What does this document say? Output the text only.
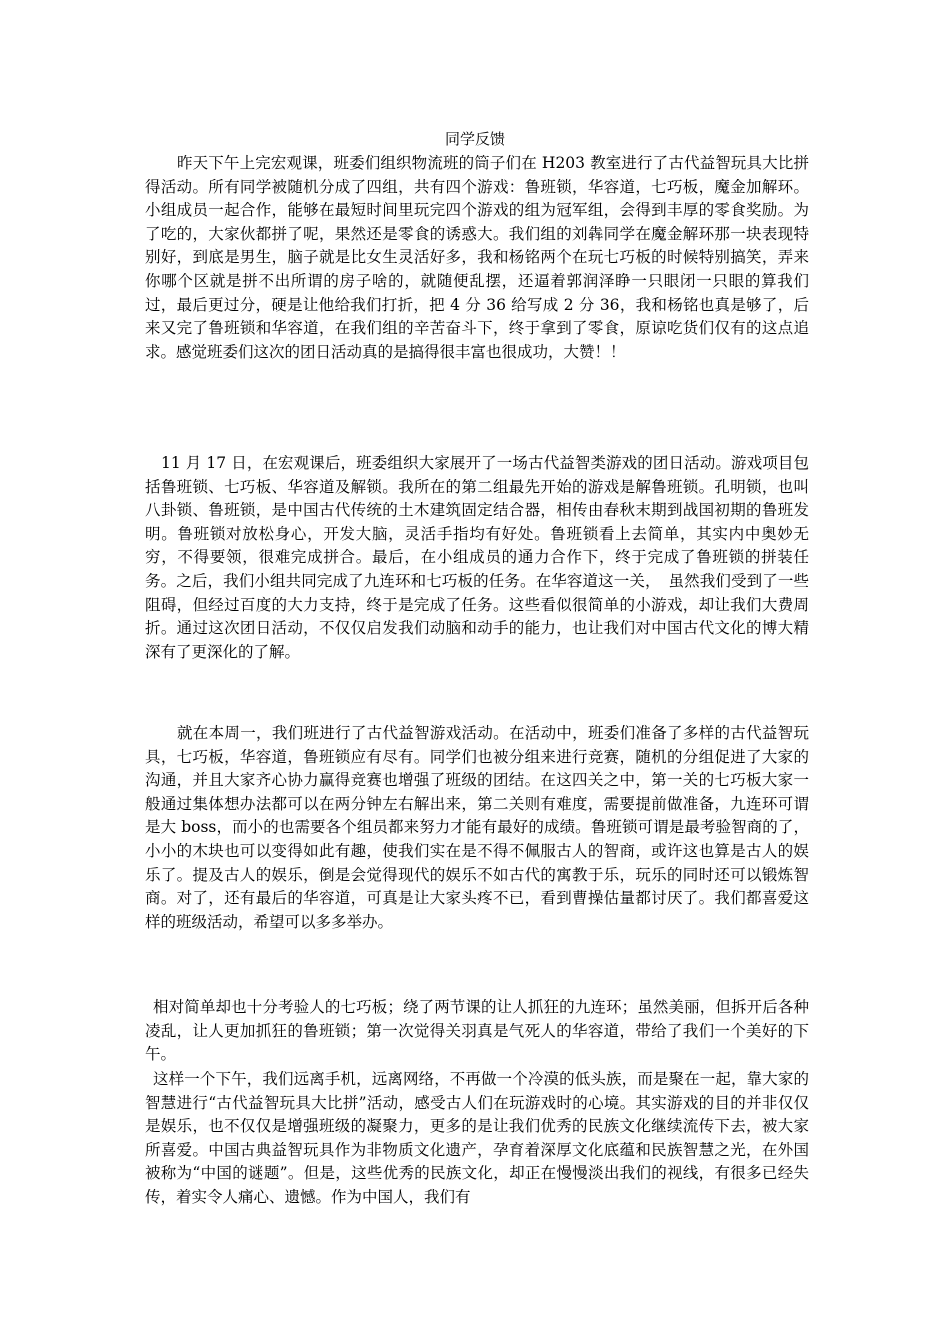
同学反馈

昨天下午上完宏观课，班委们组织物流班的筒子们在 H203 教室进行了古代益智玩具大比拼得活动。所有同学被随机分成了四组，共有四个游戏：鲁班锁，华容道，七巧板，魔金加解环。小组成员一起合作，能够在最短时间里玩完四个游戏的组为冠军组，会得到丰厚的零食奖励。为了吃的，大家伙都拼了呢，果然还是零食的诱惑大。我们组的刘犇同学在魔金解环那一块表现特别好，到底是男生，脑子就是比女生灵活好多，我和杨铭两个在玩七巧板的时候特别搞笑，弄来你哪个区就是拼不出所谓的房子啥的，就随便乱摆，还逼着郭润泽睁一只眼闭一只眼的算我们过，最后更过分，硬是让他给我们打折，把 4 分 36 给写成 2 分 36，我和杨铭也真是够了，后来又完了鲁班锁和华容道，在我们组的辛苦奋斗下，终于拿到了零食，原谅吃货们仅有的这点追求。感觉班委们这次的团日活动真的是搞得很丰富也很成功，大赞！！

11 月 17 日，在宏观课后，班委组织大家展开了一场古代益智类游戏的团日活动。游戏项目包括鲁班锁、七巧板、华容道及解锁。我所在的第二组最先开始的游戏是解鲁班锁。孔明锁，也叫八卦锁、鲁班锁，是中国古代传统的土木建筑固定结合器，相传由春秋末期到战国初期的鲁班发明。鲁班锁对放松身心，开发大脑，灵活手指均有好处。鲁班锁看上去简单，其实内中奥妙无穷，不得要领，很难完成拼合。最后，在小组成员的通力合作下，终于完成了鲁班锁的拼装任务。之后，我们小组共同完成了九连环和七巧板的任务。在华容道这一关，　虽然我们受到了一些阻碍，但经过百度的大力支持，终于是完成了任务。这些看似很简单的小游戏，却让我们大费周折。通过这次团日活动，不仅仅启发我们动脑和动手的能力，也让我们对中国古代文化的博大精深有了更深化的了解。

就在本周一，我们班进行了古代益智游戏活动。在活动中，班委们准备了多样的古代益智玩具，七巧板，华容道，鲁班锁应有尽有。同学们也被分组来进行竞赛，随机的分组促进了大家的沟通，并且大家齐心协力赢得竞赛也增强了班级的团结。在这四关之中，第一关的七巧板大家一般通过集体想办法都可以在两分钟左右解出来，第二关则有难度，需要提前做准备，九连环可谓是大 boss，而小的也需要各个组员都来努力才能有最好的成绩。鲁班锁可谓是最考验智商的了，小小的木块也可以变得如此有趣，使我们实在是不得不佩服古人的智商，或许这也算是古人的娱乐了。提及古人的娱乐，倒是会觉得现代的娱乐不如古代的寓教于乐，玩乐的同时还可以锻炼智商。对了，还有最后的华容道，可真是让大家头疼不已，看到曹操估量都讨厌了。我们都喜爱这样的班级活动，希望可以多多举办。

相对简单却也十分考验人的七巧板；绕了两节课的让人抓狂的九连环；虽然美丽，但拆开后各种凌乱，让人更加抓狂的鲁班锁；第一次觉得关羽真是气死人的华容道，带给了我们一个美好的下午。

这样一个下午，我们远离手机，远离网络，不再做一个冷漠的低头族，而是聚在一起，靠大家的智慧进行“古代益智玩具大比拼”活动，感受古人们在玩游戏时的心境。其实游戏的目的并非仅仅是娱乐，也不仅仅是增强班级的凝聚力，更多的是让我们优秀的民族文化继续流传下去，被大家所喜爱。中国古典益智玩具作为非物质文化遗产，孕育着深厚文化底蕴和民族智慧之光，在外国被称为“中国的谜题”。但是，这些优秀的民族文化，却正在慢慢淡出我们的视线，有很多已经失传，着实令人痛心、遗憾。作为中国人，我们有
